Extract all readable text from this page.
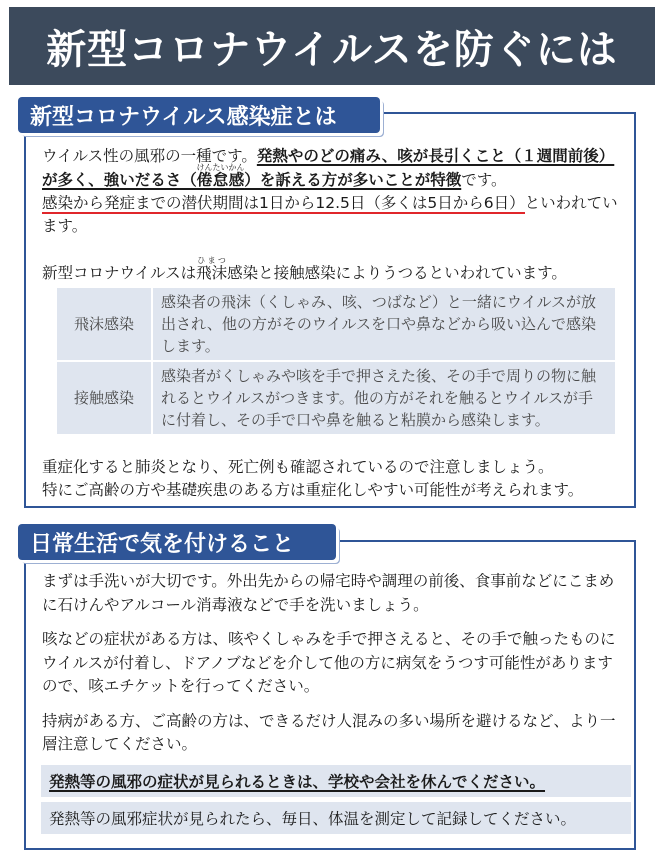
新型コロナウイルスを防ぐには
新型コロナウイルス感染症とは
ウイルス性の風邪の一種です。発熱やのどの痛み、咳が長引くこと（１週間前後）が多く、強いだるさ（倦怠感けんたいかん）を訴える方が多いことが特徴です。
感染から発症までの潜伏期間は1日から12.5日（多くは5日から6日）といわれています。
新型コロナウイルスは飛沫ひまつ感染と接触感染によりうつるといわれています。
飛沫感染	感染者の飛沫（くしゃみ、咳、つばなど）と一緒にウイルスが放出され、他の方がそのウイルスを口や鼻などから吸い込んで感染します。
接触感染	感染者がくしゃみや咳を手で押さえた後、その手で周りの物に触れるとウイルスがつきます。他の方がそれを触るとウイルスが手に付着し、その手で口や鼻を触ると粘膜から感染します。
重症化すると肺炎となり、死亡例も確認されているので注意しましょう。
特にご高齢の方や基礎疾患のある方は重症化しやすい可能性が考えられます。
日常生活で気を付けること

まずは手洗いが大切です。外出先からの帰宅時や調理の前後、食事前などにこまめに石けんやアルコール消毒液などで手を洗いましょう。

咳などの症状がある方は、咳やくしゃみを手で押さえると、その手で触ったものにウイルスが付着し、ドアノブなどを介して他の方に病気をうつす可能性がありますので、咳エチケットを行ってください。

持病がある方、ご高齢の方は、できるだけ人混みの多い場所を避けるなど、より一層注意してください。

発熱等の風邪の症状が見られるときは、学校や会社を休んでください。
発熱等の風邪症状が見られたら、毎日、体温を測定して記録してください。
